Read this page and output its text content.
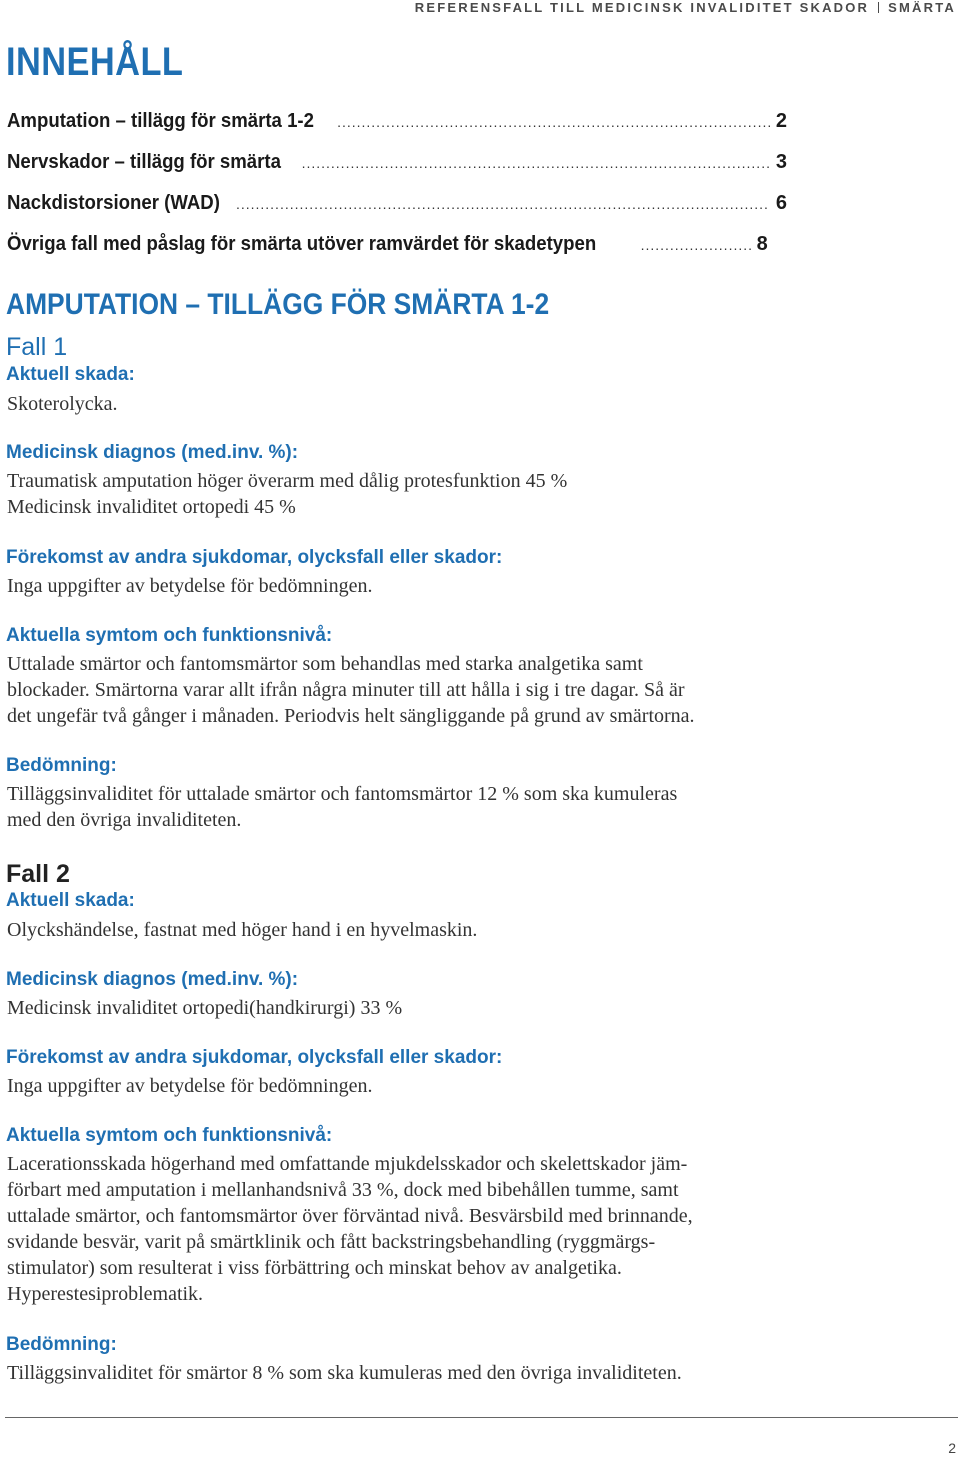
REFERENSFALL TILL MEDICINSK INVALIDITET SKADOR SMÄRTA
INNEHÅLL
Amputation – tillägg för smärta 1-2 .....	2
Nervskador – tillägg för smärta .....	3
Nackdistorsioner (WAD) .....	6
Övriga fall med påslag för smärta utöver ramvärdet för skadetypen .....	8
AMPUTATION – TILLÄGG FÖR SMÄRTA 1-2
Fall 1
Aktuell skada:
Skoterolycka.
Medicinsk diagnos (med.inv. %):
Traumatisk amputation höger överarm med dålig protesfunktion 45 %
Medicinsk invaliditet ortopedi 45 %
Förekomst av andra sjukdomar, olycksfall eller skador:
Inga uppgifter av betydelse för bedömningen.
Aktuella symtom och funktionsnivå:
Uttalade smärtor och fantomsmärtor som behandlas med starka analgetika samt
blockader. Smärtorna varar allt ifrån några minuter till att hålla i sig i tre dagar. Så är
det ungefär två gånger i månaden. Periodvis helt sängliggande på grund av smärtorna.
Bedömning:
Tilläggsinvaliditet för uttalade smärtor och fantomsmärtor 12 % som ska kumuleras
med den övriga invaliditeten.
Fall 2
Aktuell skada:
Olyckshändelse, fastnat med höger hand i en hyvelmaskin.
Medicinsk diagnos (med.inv. %):
Medicinsk invaliditet ortopedi(handkirurgi) 33 %
Förekomst av andra sjukdomar, olycksfall eller skador:
Inga uppgifter av betydelse för bedömningen.
Aktuella symtom och funktionsnivå:
Lacerationsskada högerhand med omfattande mjukdelsskador och skelettskador jäm-
förbart med amputation i mellanhandsnivå 33 %, dock med bibehållen tumme, samt
uttalade smärtor, och fantomsmärtor över förväntad nivå. Besvärsbild med brinnande,
svidande besvär, varit på smärtklinik och fått backstringsbehandling (ryggmärgs-
stimulator) som resulterat i viss förbättring och minskat behov av analgetika.
Hyperestesiproblematik.
Bedömning:
Tilläggsinvaliditet för smärtor 8 % som ska kumuleras med den övriga invaliditeten.
2
